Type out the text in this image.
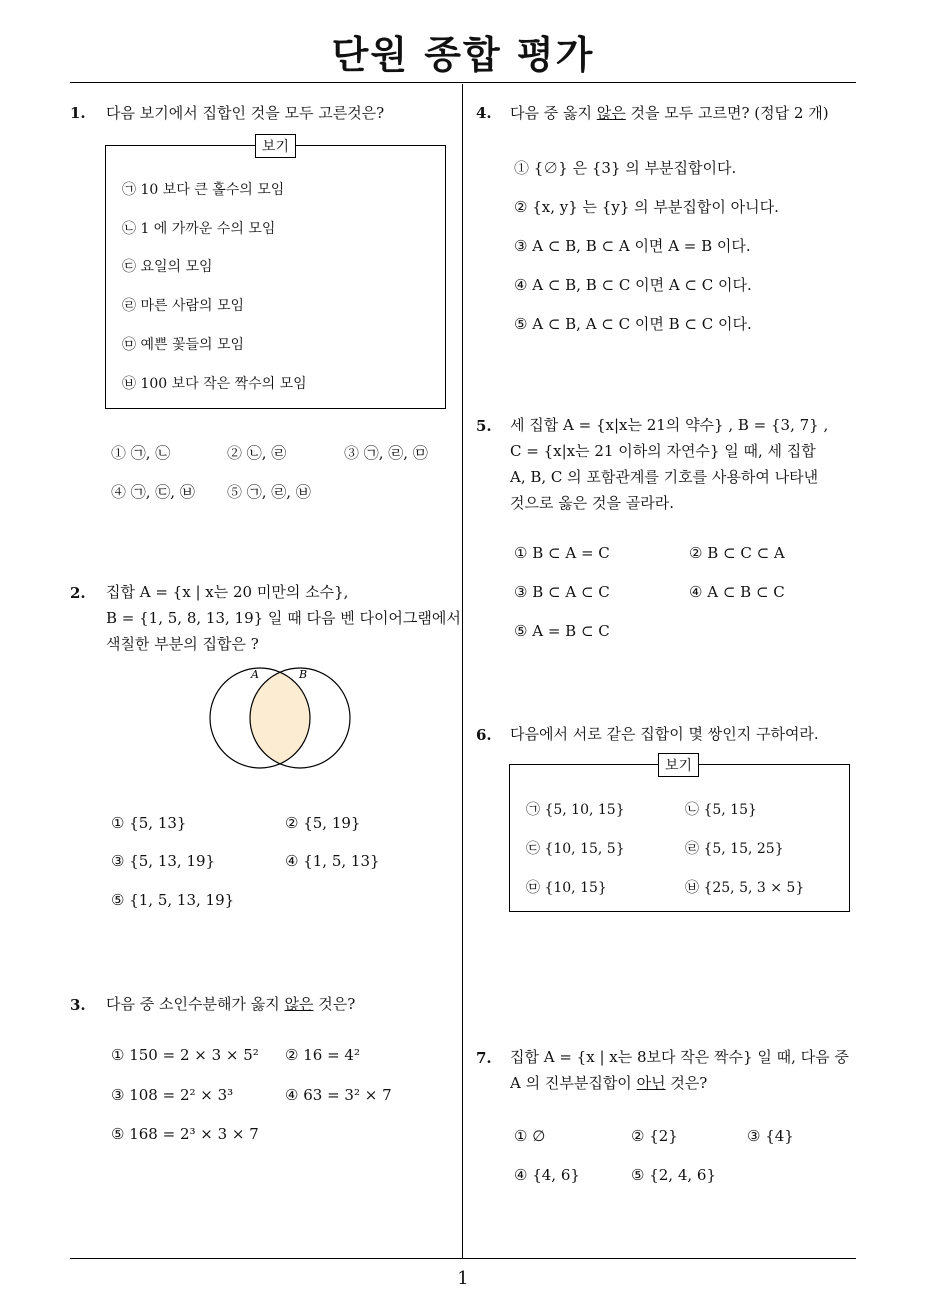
단원 종합 평가
1
1. 다음 보기에서 집합인 것을 모두 고른것은?
보기
㉠ 10 보다 큰 홀수의 모임
㉡ 1 에 가까운 수의 모임
㉢ 요일의 모임
㉣ 마른 사람의 모임
㉤ 예쁜 꽃들의 모임
㉥ 100 보다 작은 짝수의 모임
① ㉠, ㉡	② ㉡, ㉣	③ ㉠, ㉣, ㉤
④ ㉠, ㉢, ㉥ ⑤ ㉠, ㉣, ㉥
2. 집합 A = {x | x는 20 미만의 소수},
B = {1, 5, 8, 13, 19} 일 때 다음 벤 다이어그램에서
색칠한 부분의 집합은 ?
A	B
① {5, 13}	② {5, 19}
③ {5, 13, 19}	④ {1, 5, 13}
⑤ {1, 5, 13, 19}
3. 다음 중 소인수분해가 옳지 않은 것은?
① 150 = 2 × 3 × 5² ② 16 = 4²
③ 108 = 2² × 3³	④ 63 = 3² × 7
⑤ 168 = 2³ × 3 × 7
4. 다음 중 옳지 않은 것을 모두 고르면? (정답 2 개)
① {∅} 은 {3} 의 부분집합이다.
② {x, y} 는 {y} 의 부분집합이 아니다.
③ A ⊂ B, B ⊂ A 이면 A = B 이다.
④ A ⊂ B, B ⊂ C 이면 A ⊂ C 이다.
⑤ A ⊂ B, A ⊂ C 이면 B ⊂ C 이다.
5. 세 집합 A = {x|x는 21의 약수} , B = {3, 7} ,
C = {x|x는 21 이하의 자연수} 일 때, 세 집합
A, B, C 의 포함관계를 기호를 사용하여 나타낸
것으로 옳은 것을 골라라.
① B ⊂ A = C	② B ⊂ C ⊂ A
③ B ⊂ A ⊂ C	④ A ⊂ B ⊂ C
⑤ A = B ⊂ C
6. 다음에서 서로 같은 집합이 몇 쌍인지 구하여라.
보기
㉠ {5, 10, 15}	㉡ {5, 15}
㉢ {10, 15, 5}	㉣ {5, 15, 25}
㉤ {10, 15}	㉥ {25, 5, 3 × 5}
7. 집합 A = {x | x는 8보다 작은 짝수} 일 때, 다음 중
A 의 진부분집합이 아닌 것은?
① ∅	② {2}	③ {4}
④ {4, 6}	⑤ {2, 4, 6}
